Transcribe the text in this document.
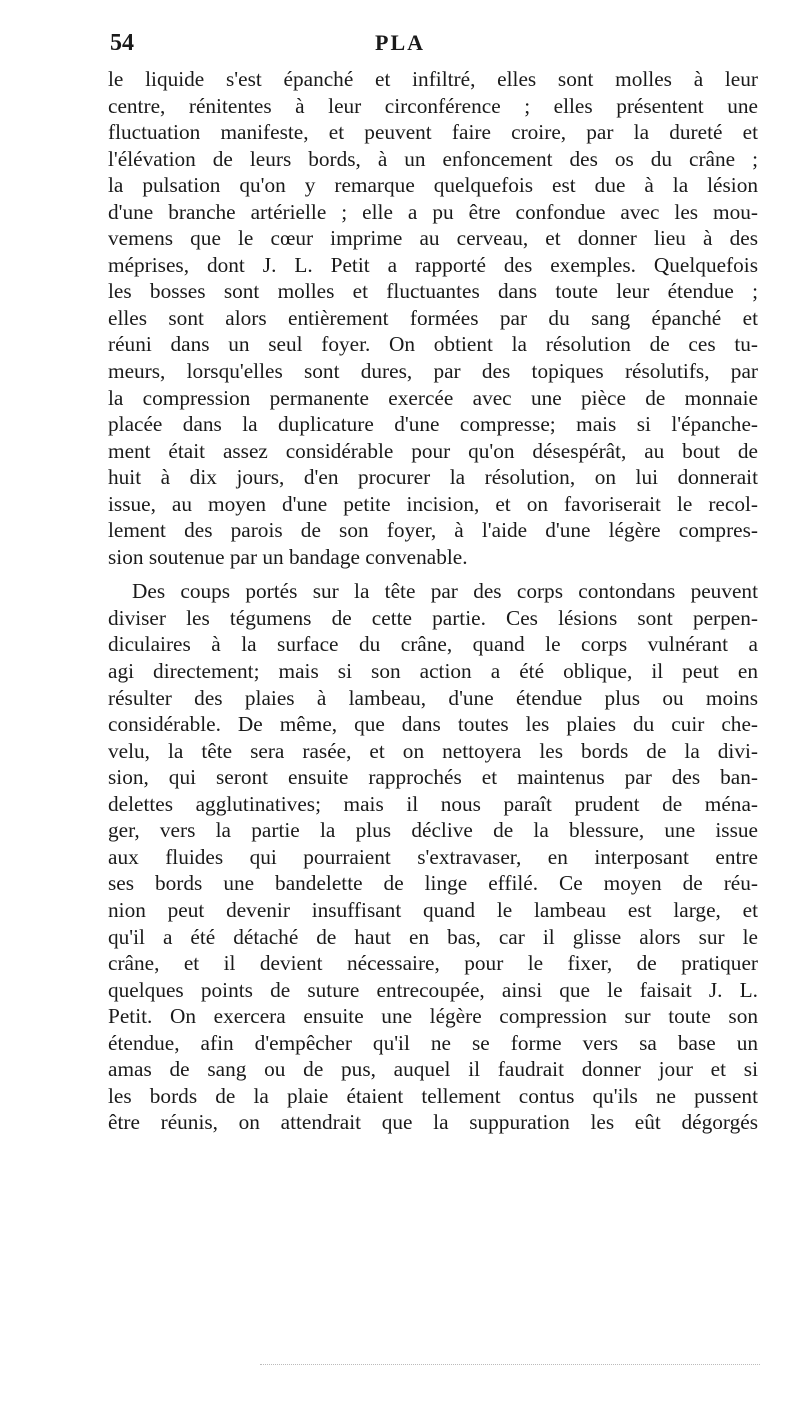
54	PLA
le liquide s'est épanché et infiltré, elles sont molles à leur
centre, rénitentes à leur circonférence ; elles présentent une
fluctuation manifeste, et peuvent faire croire, par la dureté et
l'élévation de leurs bords, à un enfoncement des os du crâne ;
la pulsation qu'on y remarque quelquefois est due à la lésion
d'une branche artérielle ; elle a pu être confondue avec les mou-
vemens que le cœur imprime au cerveau, et donner lieu à des
méprises, dont J. L. Petit a rapporté des exemples. Quelquefois
les bosses sont molles et fluctuantes dans toute leur étendue ;
elles sont alors entièrement formées par du sang épanché et
réuni dans un seul foyer. On obtient la résolution de ces tu-
meurs, lorsqu'elles sont dures, par des topiques résolutifs, par
la compression permanente exercée avec une pièce de monnaie
placée dans la duplicature d'une compresse; mais si l'épanche-
ment était assez considérable pour qu'on désespérât, au bout de
huit à dix jours, d'en procurer la résolution, on lui donnerait
issue, au moyen d'une petite incision, et on favoriserait le recol-
lement des parois de son foyer, à l'aide d'une légère compres-
sion soutenue par un bandage convenable.
Des coups portés sur la tête par des corps contondans peuvent
diviser les tégumens de cette partie. Ces lésions sont perpen-
diculaires à la surface du crâne, quand le corps vulnérant a
agi directement; mais si son action a été oblique, il peut en
résulter des plaies à lambeau, d'une étendue plus ou moins
considérable. De même, que dans toutes les plaies du cuir che-
velu, la tête sera rasée, et on nettoyera les bords de la divi-
sion, qui seront ensuite rapprochés et maintenus par des ban-
delettes agglutinatives; mais il nous paraît prudent de ména-
ger, vers la partie la plus déclive de la blessure, une issue
aux fluides qui pourraient s'extravaser, en interposant entre
ses bords une bandelette de linge effilé. Ce moyen de réu-
nion peut devenir insuffisant quand le lambeau est large, et
qu'il a été détaché de haut en bas, car il glisse alors sur le
crâne, et il devient nécessaire, pour le fixer, de pratiquer
quelques points de suture entrecoupée, ainsi que le faisait J. L.
Petit. On exercera ensuite une légère compression sur toute son
étendue, afin d'empêcher qu'il ne se forme vers sa base un
amas de sang ou de pus, auquel il faudrait donner jour et si
les bords de la plaie étaient tellement contus qu'ils ne pussent
être réunis, on attendrait que la suppuration les eût dégorgés
